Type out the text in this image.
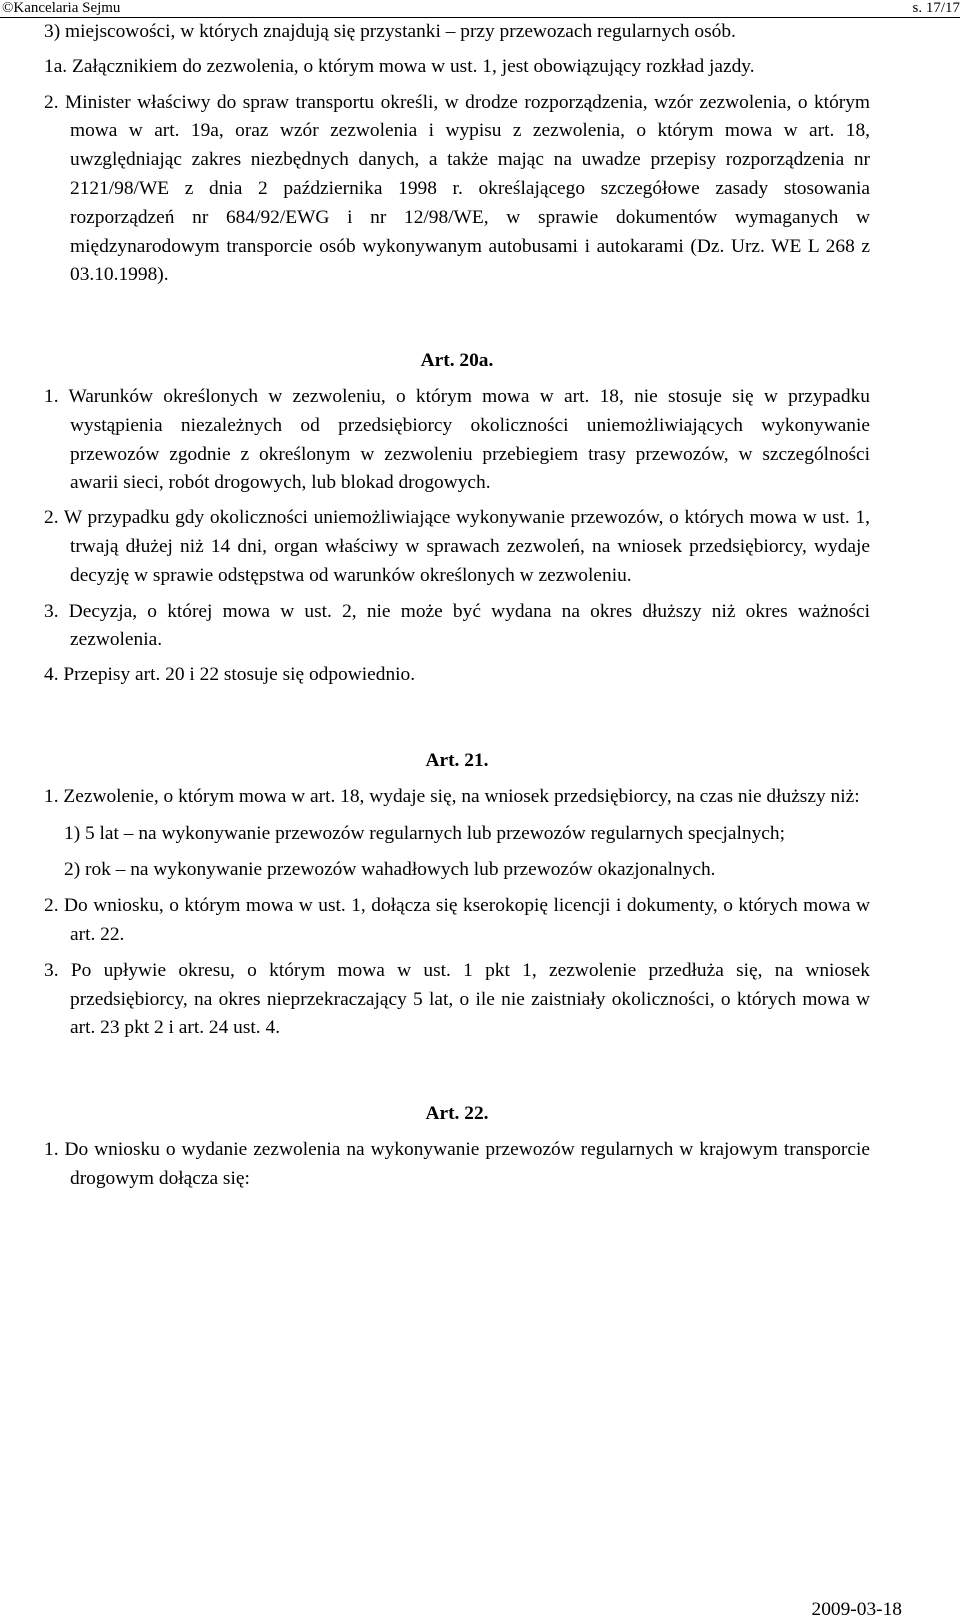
©Kancelaria Sejmu	s. 17/17

3) miejscowości, w których znajdują się przystanki – przy przewozach regularnych osób.

1a. Załącznikiem do zezwolenia, o którym mowa w ust. 1, jest obowiązujący rozkład jazdy.

2. Minister właściwy do spraw transportu określi, w drodze rozporządzenia, wzór zezwolenia, o którym mowa w art. 19a, oraz wzór zezwolenia i wypisu z zezwolenia, o którym mowa w art. 18, uwzględniając zakres niezbędnych danych, a także mając na uwadze przepisy rozporządzenia nr 2121/98/WE z dnia 2 października 1998 r. określającego szczegółowe zasady stosowania rozporządzeń nr 684/92/EWG i nr 12/98/WE, w sprawie dokumentów wymaganych w międzynarodowym transporcie osób wykonywanym autobusami i autokarami (Dz. Urz. WE L 268 z 03.10.1998).

Art. 20a.

1. Warunków określonych w zezwoleniu, o którym mowa w art. 18, nie stosuje się w przypadku wystąpienia niezależnych od przedsiębiorcy okoliczności uniemożliwiających wykonywanie przewozów zgodnie z określonym w zezwoleniu przebiegiem trasy przewozów, w szczególności awarii sieci, robót drogowych, lub blokad drogowych.

2. W przypadku gdy okoliczności uniemożliwiające wykonywanie przewozów, o których mowa w ust. 1, trwają dłużej niż 14 dni, organ właściwy w sprawach zezwoleń, na wniosek przedsiębiorcy, wydaje decyzję w sprawie odstępstwa od warunków określonych w zezwoleniu.

3. Decyzja, o której mowa w ust. 2, nie może być wydana na okres dłuższy niż okres ważności zezwolenia.

4. Przepisy art. 20 i 22 stosuje się odpowiednio.

Art. 21.

1. Zezwolenie, o którym mowa w art. 18, wydaje się, na wniosek przedsiębiorcy, na czas nie dłuższy niż:

1) 5 lat – na wykonywanie przewozów regularnych lub przewozów regularnych specjalnych;

2) rok – na wykonywanie przewozów wahadłowych lub przewozów okazjonalnych.

2. Do wniosku, o którym mowa w ust. 1, dołącza się kserokopię licencji i dokumenty, o których mowa w art. 22.

3. Po upływie okresu, o którym mowa w ust. 1 pkt 1, zezwolenie przedłuża się, na wniosek przedsiębiorcy, na okres nieprzekraczający 5 lat, o ile nie zaistniały okoliczności, o których mowa w art. 23 pkt 2 i art. 24 ust. 4.

Art. 22.

1. Do wniosku o wydanie zezwolenia na wykonywanie przewozów regularnych w krajowym transporcie drogowym dołącza się:

2009-03-18
